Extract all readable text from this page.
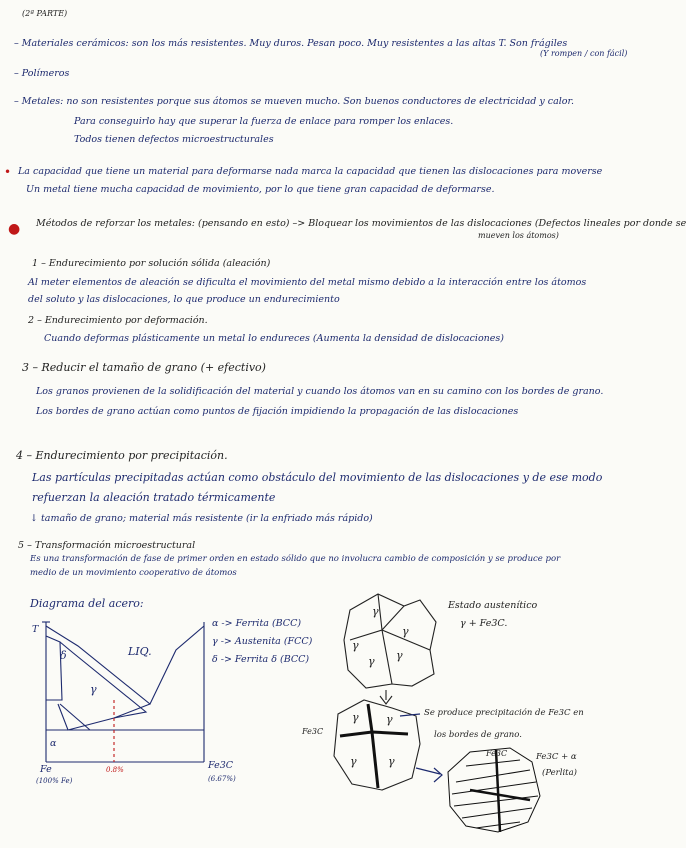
(2ª PARTE)
– Materiales cerámicos: son los más resistentes. Muy duros. Pesan poco. Muy resistentes a las altas T. Son frágiles
(Y rompen / con fácil)
– Polímeros
– Metales: no son resistentes porque sus átomos se mueven mucho. Son buenos conductores de electricidad y calor.
Para conseguirlo hay que superar la fuerza de enlace para romper los enlaces.
Todos tienen defectos microestructurales
• La capacidad que tiene un material para deformarse nada marca la capacidad que tienen las dislocaciones para moverse
Un metal tiene mucha capacidad de movimiento, por lo que tiene gran capacidad de deformarse.
● Métodos de reforzar los metales: (pensando en esto) –> Bloquear los movimientos de las dislocaciones (Defectos lineales por donde se
mueven los átomos)
1 – Endurecimiento por solución sólida (aleación)
Al meter elementos de aleación se dificulta el movimiento del metal mismo debido a la interacción entre los átomos
del soluto y las dislocaciones, lo que produce un endurecimiento
2 – Endurecimiento por deformación.
Cuando deformas plásticamente un metal lo endureces (Aumenta la densidad de dislocaciones)
3 – Reducir el tamaño de grano (+ efectivo)
Los granos provienen de la solidificación del material y cuando los átomos van en su camino con los bordes de grano.
Los bordes de grano actúan como puntos de fijación impidiendo la propagación de las dislocaciones
4 – Endurecimiento por precipitación.
Las partículas precipitadas actúan como obstáculo del movimiento de las dislocaciones y de ese modo
refuerzan la aleación tratado térmicamente
↓ tamaño de grano; material más resistente (ir la enfriado más rápido)
5 – Transformación microestructural
Es una transformación de fase de primer orden en estado sólido que no involucra cambio de composición y se produce por
medio de un movimiento cooperativo de átomos
Diagrama del acero:
T
LIQ.
δ
γ
α
Fe
(100% Fe)
0.8%	Fe3C
(6.67%)
α -> Ferrita (BCC)
γ -> Austenita (FCC)
δ -> Ferrita δ (BCC)
Estado austenítico
γ + Fe3C.
γ
γ
γ
γ γ
γ γ
γ	γ
Se produce precipitación de Fe3C en
los bordes de grano.
Fe3C
Fe3C	Fe3C + α
(Perlita)
